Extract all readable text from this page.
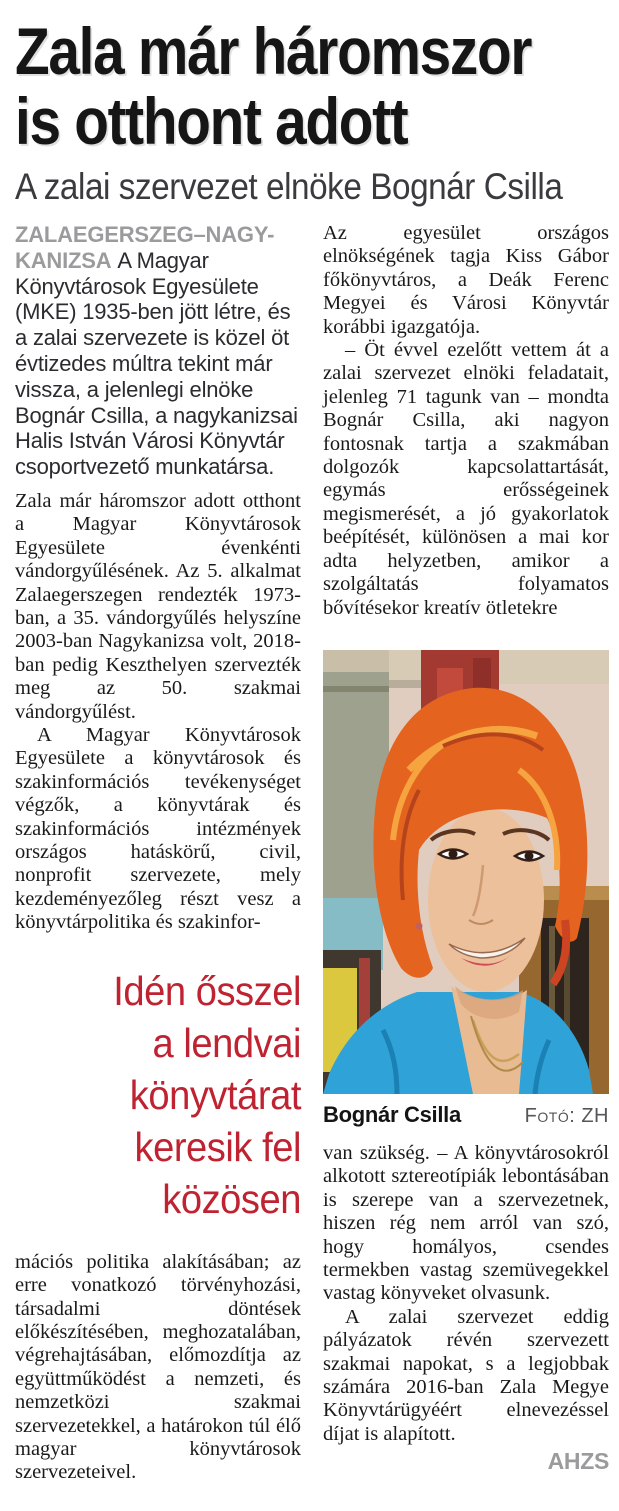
Zala már háromszor
is otthont adott
A zalai szervezet elnöke Bognár Csilla

ZALAEGERSZEG–NAGY-KANIZSA A Magyar Könyvtárosok Egyesülete (MKE) 1935-ben jött létre, és a zalai szervezete is közel öt évtizedes múltra tekint már vissza, a jelenlegi elnöke Bognár Csilla, a nagykanizsai Halis István Városi Könyvtár csoportvezető munkatársa.

Zala már háromszor adott otthont a Magyar Könyvtárosok Egyesülete évenkénti vándorgyűlésének. Az 5. alkalmat Zalaegerszegen rendezték 1973-ban, a 35. vándorgyűlés helyszíne 2003-ban Nagykanizsa volt, 2018-ban pedig Keszthelyen szervezték meg az 50. szakmai vándorgyűlést.

A Magyar Könyvtárosok Egyesülete a könyvtárosok és szakinformációs tevékenységet végzők, a könyvtárak és szakinformációs intézmények országos hatáskörű, civil, nonprofit szervezete, mely kezdeményezőleg részt vesz a könyvtárpolitika és szakinfor-

Idén ősszel
a lendvai
könyvtárat
keresik fel
közösen

mációs politika alakításában; az erre vonatkozó törvényhozási, társadalmi döntések előkészítésében, meghozatalában, végrehajtásában, előmozdítja az együttműködést a nemzeti, és nemzetközi szakmai szervezetekkel, a határokon túl élő magyar könyvtárosok szervezeteivel.

Az egyesület országos elnökségének tagja Kiss Gábor főkönyvtáros, a Deák Ferenc Megyei és Városi Könyvtár korábbi igazgatója.

– Öt évvel ezelőtt vettem át a zalai szervezet elnöki feladatait, jelenleg 71 tagunk van – mondta Bognár Csilla, aki nagyon fontosnak tartja a szakmában dolgozók kapcsolattartását, egymás erősségeinek megismerését, a jó gyakorlatok beépítését, különösen a mai kor adta helyzetben, amikor a szolgáltatás folyamatos bővítésekor kreatív ötletekre

Bognár Csilla	Fotó: ZH

van szükség. – A könyvtárosokról alkotott sztereotípiák lebontásában is szerepe van a szervezetnek, hiszen rég nem arról van szó, hogy homályos, csendes termekben vastag szemüvegekkel vastag könyveket olvasunk.

A zalai szervezet eddig pályázatok révén szervezett szakmai napokat, s a legjobbak számára 2016-ban Zala Megye Könyvtárügyéért elnevezéssel díjat is alapított.

AHZS
